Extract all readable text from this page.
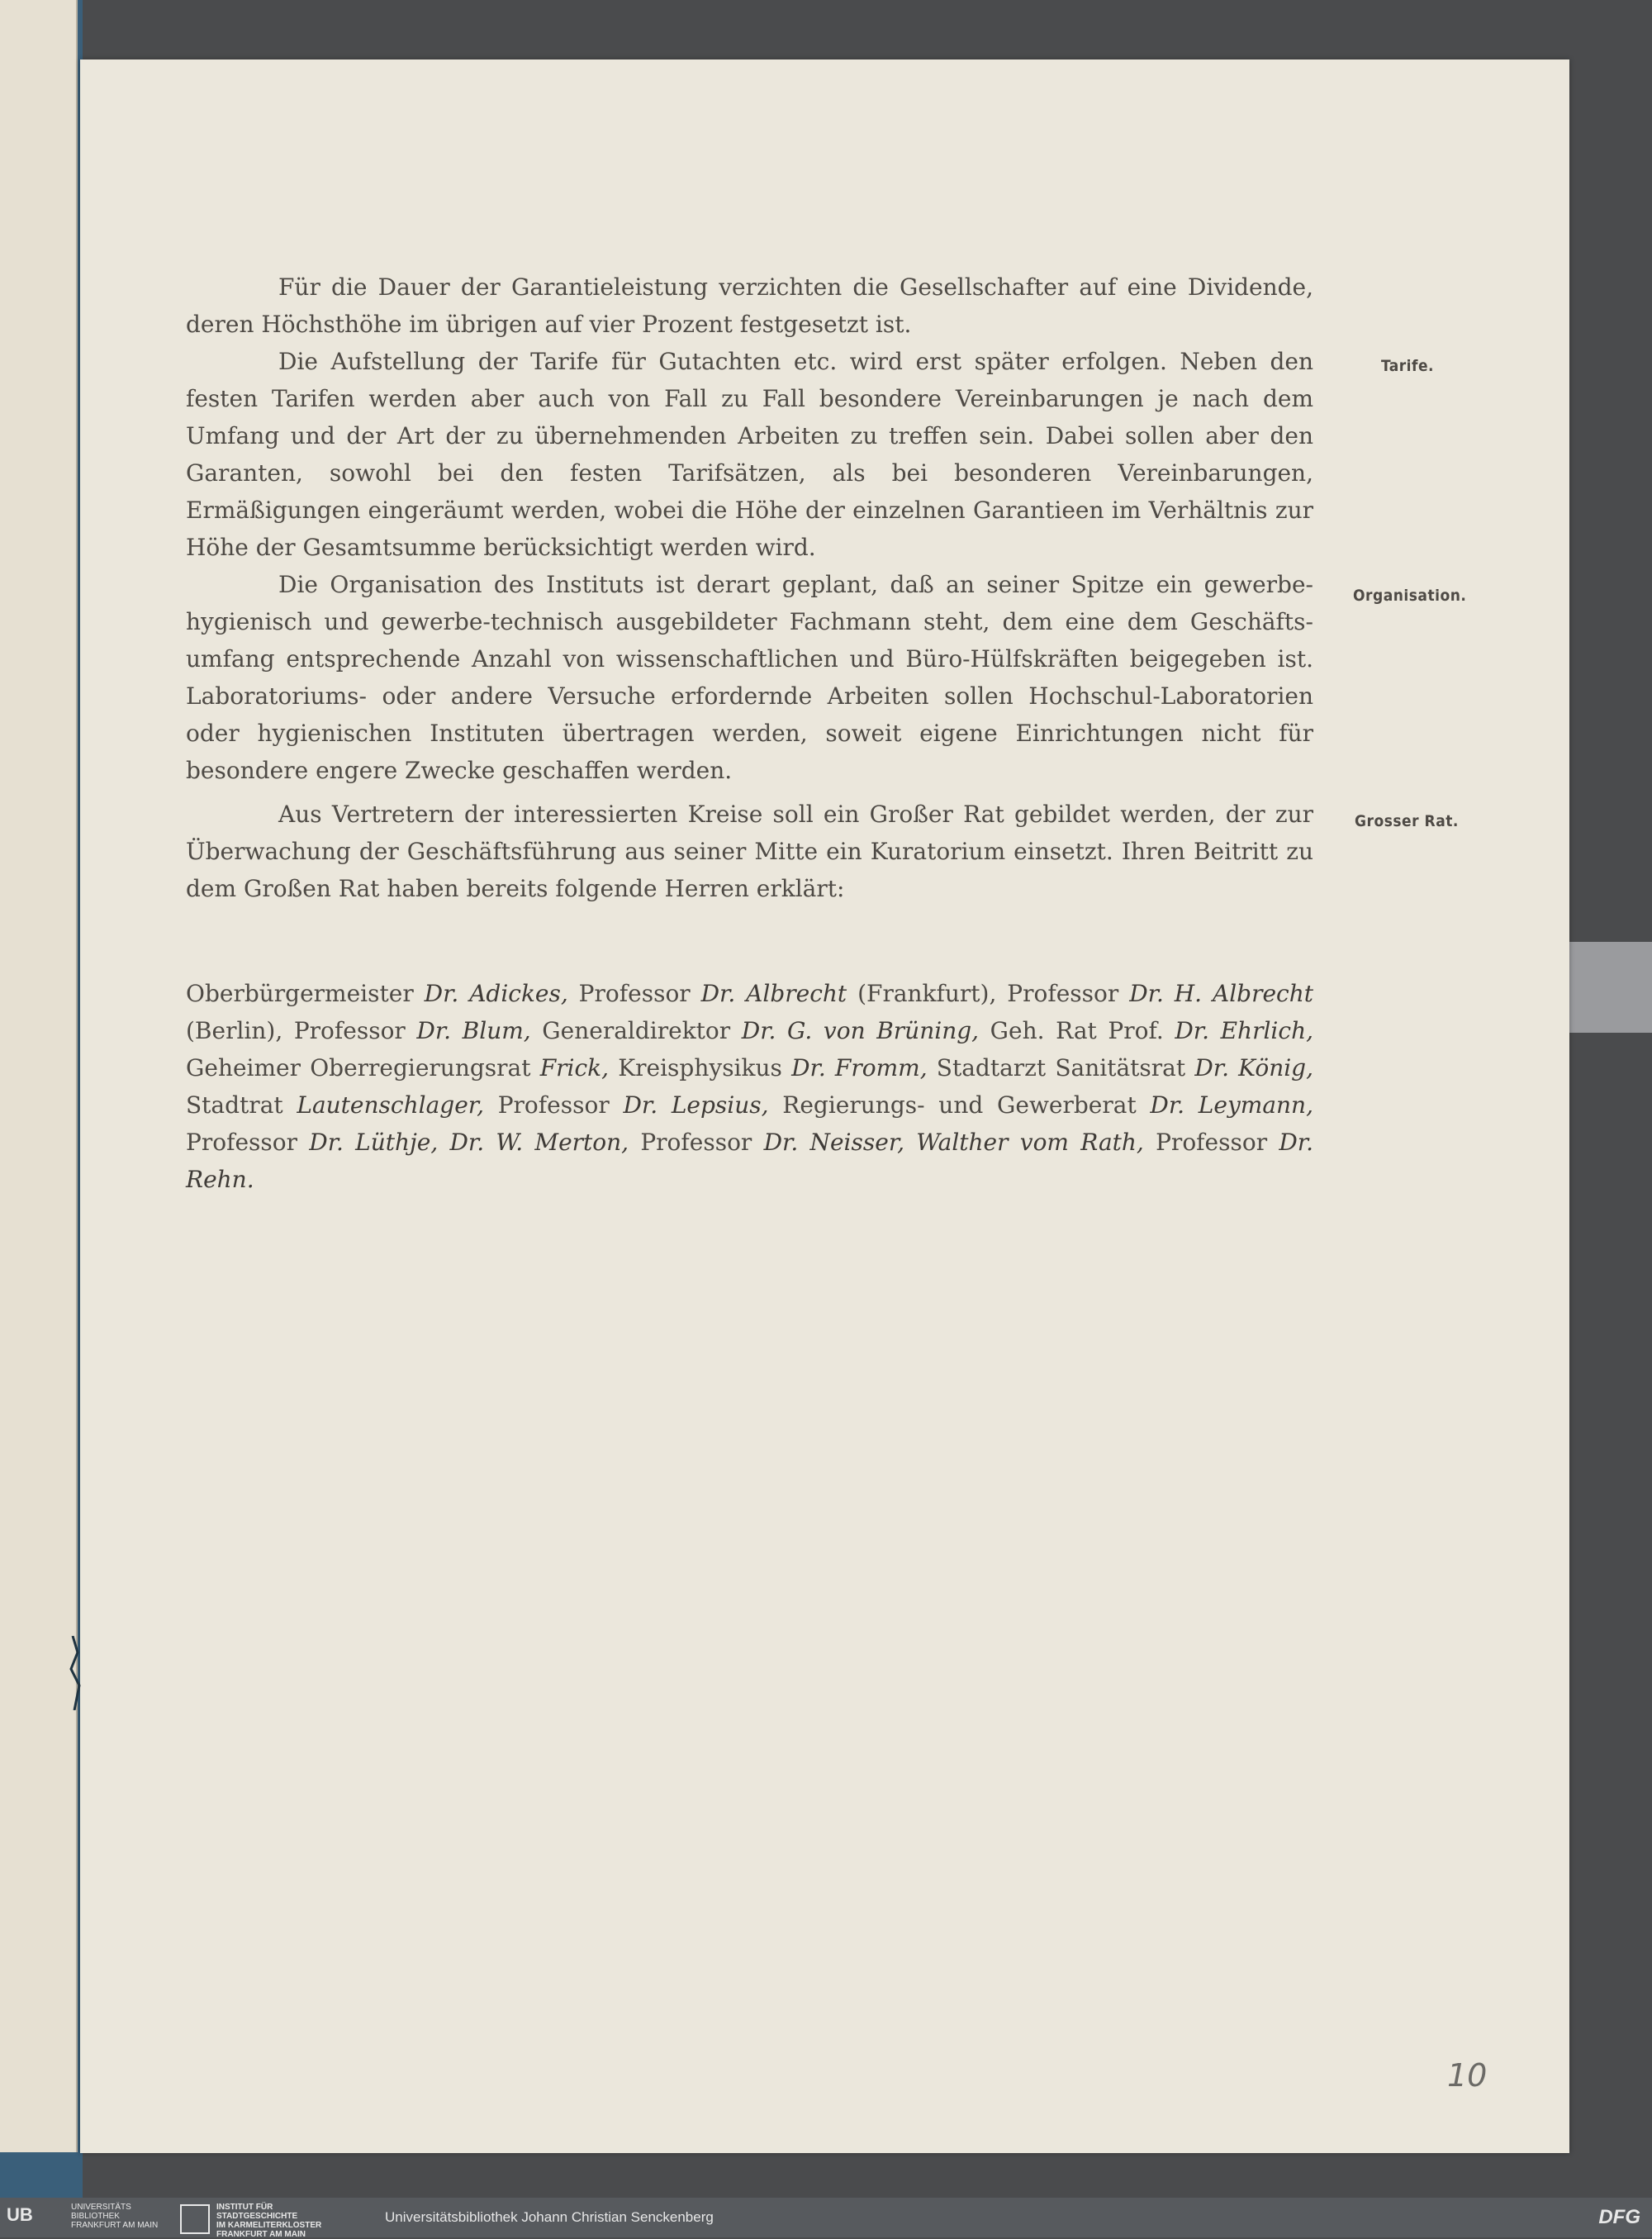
Für die Dauer der Garantieleistung verzichten die Gesellschafter auf eine Dividende, deren Höchsthöhe im übrigen auf vier Prozent festgesetzt ist.

Die Aufstellung der Tarife für Gutachten etc. wird erst später erfolgen. Neben den festen Tarifen werden aber auch von Fall zu Fall besondere Vereinbarungen je nach dem Umfang und der Art der zu übernehmenden Arbeiten zu treffen sein. Dabei sollen aber den Garanten, sowohl bei den festen Tarifsätzen, als bei besonderen Vereinbarungen, Ermäßigungen eingeräumt werden, wobei die Höhe der einzelnen Garantieen im Verhältnis zur Höhe der Gesamtsumme berücksichtigt werden wird.

Die Organisation des Instituts ist derart geplant, daß an seiner Spitze ein gewerbe-hygienisch und gewerbe-technisch ausgebildeter Fachmann steht, dem eine dem Geschäfts-umfang entsprechende Anzahl von wissenschaftlichen und Büro-Hülfskräften beigegeben ist. Laboratoriums- oder andere Versuche erfordernde Arbeiten sollen Hochschul-Laboratorien oder hygienischen Instituten übertragen werden, soweit eigene Einrichtungen nicht für besondere engere Zwecke geschaffen werden.

Aus Vertretern der interessierten Kreise soll ein Großer Rat gebildet werden, der zur Überwachung der Geschäftsführung aus seiner Mitte ein Kuratorium einsetzt. Ihren Beitritt zu dem Großen Rat haben bereits folgende Herren erklärt:

Tarife.
Organisation.
Grosser Rat.
Oberbürgermeister Dr. Adickes, Professor Dr. Albrecht (Frankfurt), Professor Dr. H. Albrecht (Berlin), Professor Dr. Blum, Generaldirektor Dr. G. von Brüning, Geh. Rat Prof. Dr. Ehrlich, Geheimer Oberregierungsrat Frick, Kreisphysikus Dr. Fromm, Stadtarzt Sanitätsrat Dr. König, Stadtrat Lautenschlager, Professor Dr. Lepsius, Regierungs- und Gewerberat Dr. Leymann, Professor Dr. Lüthje, Dr. W. Merton, Professor Dr. Neisser, Walther vom Rath, Professor Dr. Rehn.
10
UB	UNIVERSITÄTS
BIBLIOTHEK
FRANKFURT AM MAIN
INSTITUT FÜR
STADTGESCHICHTE
IM KARMELITERKLOSTER
FRANKFURT AM MAIN
Universitätsbibliothek Johann Christian Senckenberg	DFG
